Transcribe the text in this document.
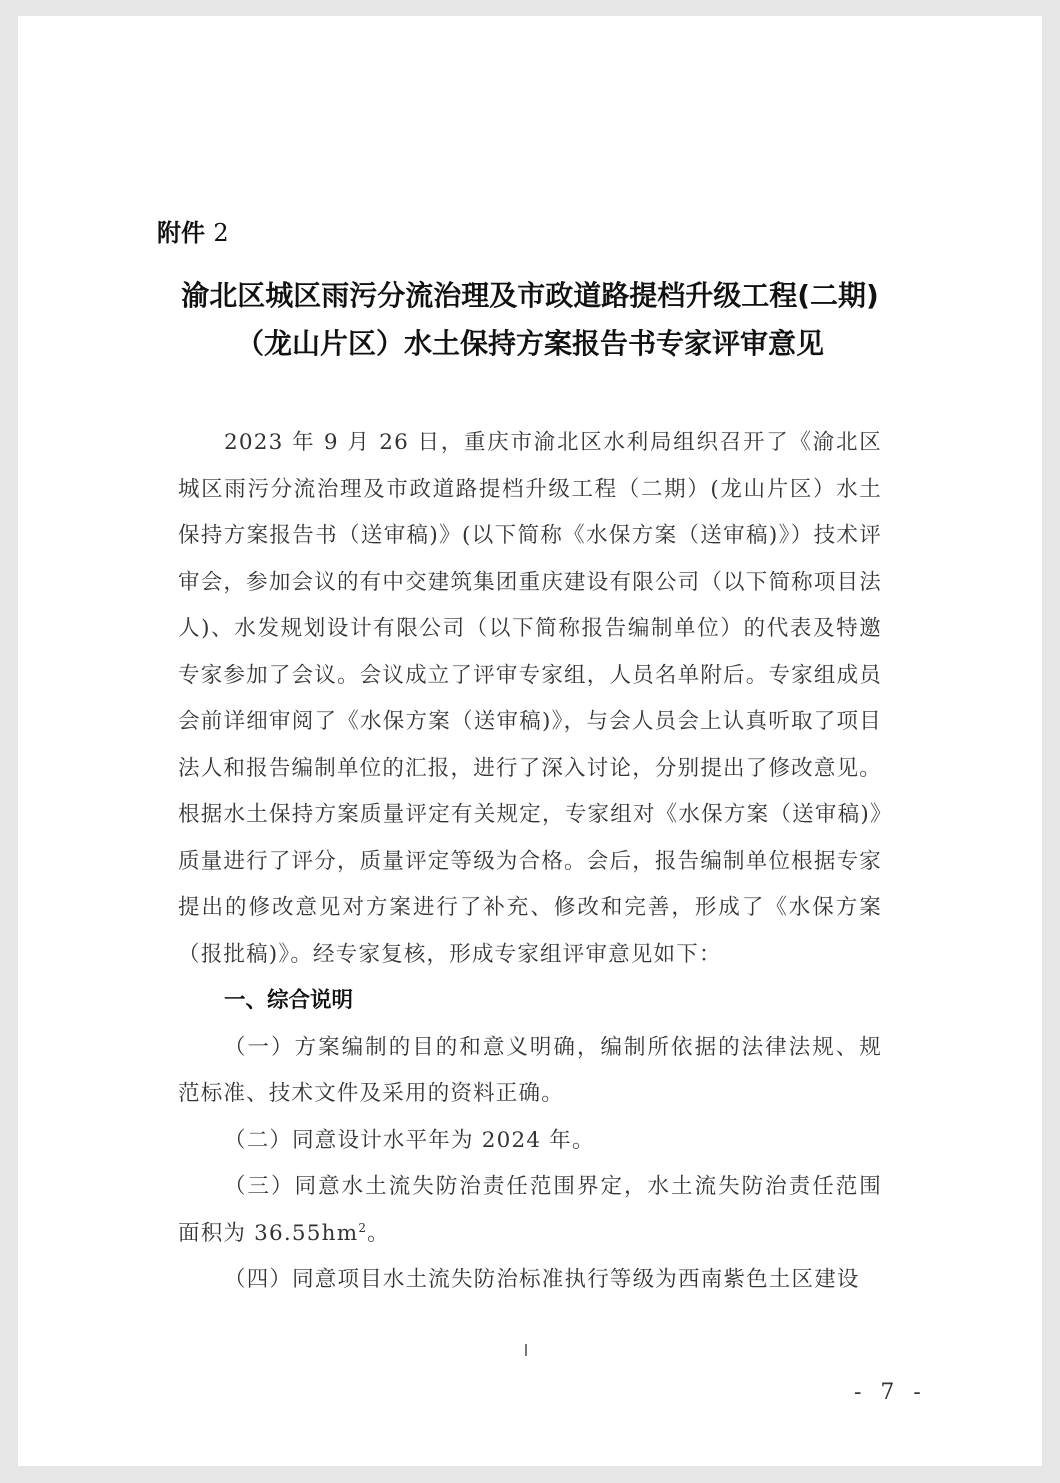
附件 2
渝北区城区雨污分流治理及市政道路提档升级工程(二期)
（龙山片区）水土保持方案报告书专家评审意见

2023 年 9 月 26 日，重庆市渝北区水利局组织召开了《渝北区城区雨污分流治理及市政道路提档升级工程（二期）(龙山片区）水土保持方案报告书（送审稿)》(以下简称《水保方案（送审稿)》）技术评审会，参加会议的有中交建筑集团重庆建设有限公司（以下简称项目法人)、水发规划设计有限公司（以下简称报告编制单位）的代表及特邀专家参加了会议。会议成立了评审专家组，人员名单附后。专家组成员会前详细审阅了《水保方案（送审稿)》，与会人员会上认真听取了项目法人和报告编制单位的汇报，进行了深入讨论，分别提出了修改意见。根据水土保持方案质量评定有关规定，专家组对《水保方案（送审稿)》质量进行了评分，质量评定等级为合格。会后，报告编制单位根据专家提出的修改意见对方案进行了补充、修改和完善，形成了《水保方案（报批稿)》。经专家复核，形成专家组评审意见如下：

一、综合说明

（一）方案编制的目的和意义明确，编制所依据的法律法规、规范标准、技术文件及采用的资料正确。

（二）同意设计水平年为 2024 年。

（三）同意水土流失防治责任范围界定，水土流失防治责任范围面积为 $36.55hm^2$。

（四）同意项目水土流失防治标准执行等级为西南紫色土区建设

- 7 -
